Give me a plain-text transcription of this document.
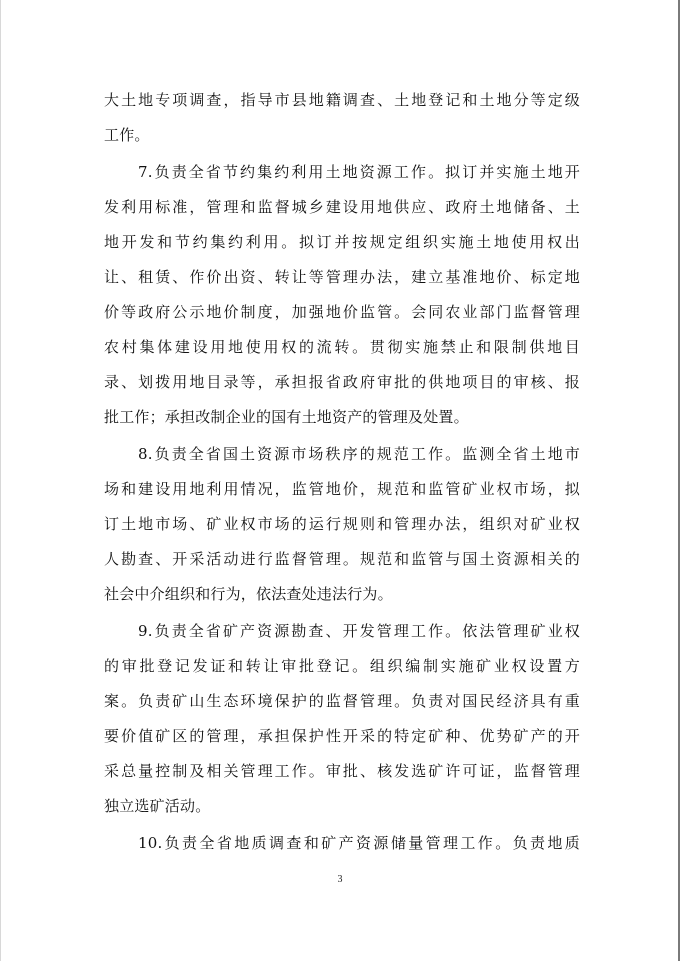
大土地专项调查，指导市县地籍调查、土地登记和土地分等定级
工作。
7.负责全省节约集约利用土地资源工作。拟订并实施土地开
发利用标准，管理和监督城乡建设用地供应、政府土地储备、土
地开发和节约集约利用。拟订并按规定组织实施土地使用权出
让、租赁、作价出资、转让等管理办法，建立基准地价、标定地
价等政府公示地价制度，加强地价监管。会同农业部门监督管理
农村集体建设用地使用权的流转。贯彻实施禁止和限制供地目
录、划拨用地目录等，承担报省政府审批的供地项目的审核、报
批工作；承担改制企业的国有土地资产的管理及处置。
8.负责全省国土资源市场秩序的规范工作。监测全省土地市
场和建设用地利用情况，监管地价，规范和监管矿业权市场，拟
订土地市场、矿业权市场的运行规则和管理办法，组织对矿业权
人勘查、开采活动进行监督管理。规范和监管与国土资源相关的
社会中介组织和行为，依法查处违法行为。
9.负责全省矿产资源勘查、开发管理工作。依法管理矿业权
的审批登记发证和转让审批登记。组织编制实施矿业权设置方
案。负责矿山生态环境保护的监督管理。负责对国民经济具有重
要价值矿区的管理，承担保护性开采的特定矿种、优势矿产的开
采总量控制及相关管理工作。审批、核发选矿许可证，监督管理
独立选矿活动。
10.负责全省地质调查和矿产资源储量管理工作。负责地质
3
